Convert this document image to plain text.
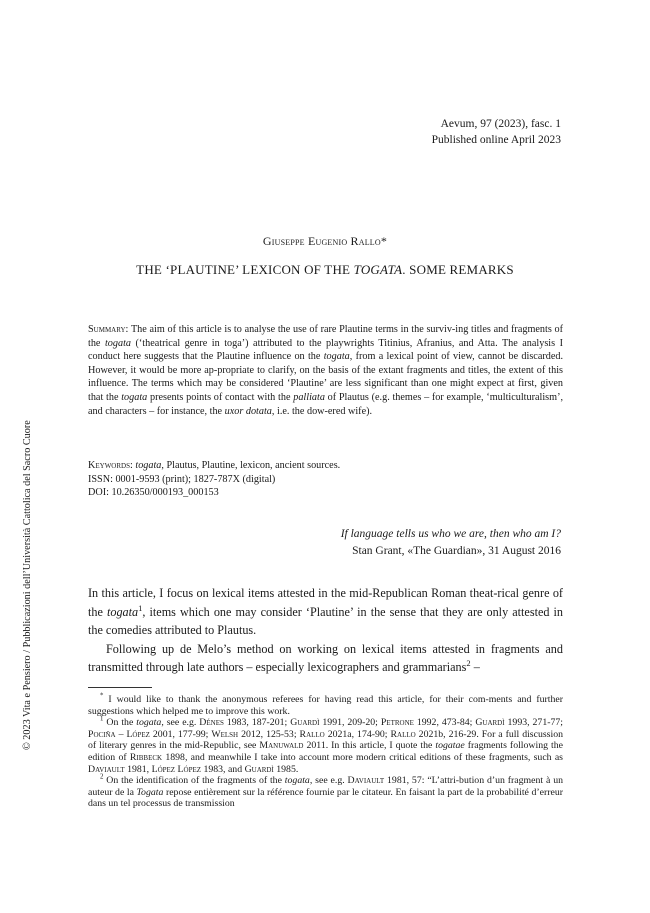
Aevum, 97 (2023), fasc. 1
Published online April 2023
Giuseppe Eugenio Rallo*
THE ‘PLAUTINE’ LEXICON OF THE TOGATA. SOME REMARKS
Summary: The aim of this article is to analyse the use of rare Plautine terms in the surviv-ing titles and fragments of the togata (‘theatrical genre in toga’) attributed to the playwrights Titinius, Afranius, and Atta. The analysis I conduct here suggests that the Plautine influence on the togata, from a lexical point of view, cannot be discarded. However, it would be more ap-propriate to clarify, on the basis of the extant fragments and titles, the extent of this influence. The terms which may be considered ‘Plautine’ are less significant than one might expect at first, given that the togata presents points of contact with the palliata of Plautus (e.g. themes – for example, ‘multiculturalism’, and characters – for instance, the uxor dotata, i.e. the dow-ered wife).
Keywords: togata, Plautus, Plautine, lexicon, ancient sources.
ISSN: 0001-9593 (print); 1827-787X (digital)
DOI: 10.26350/000193_000153
If language tells us who we are, then who am I?
Stan Grant, «The Guardian», 31 August 2016

In this article, I focus on lexical items attested in the mid-Republican Roman theat-rical genre of the togata$^1$, items which one may consider ‘Plautine’ in the sense that they are only attested in the comedies attributed to Plautus.

Following up de Melo’s method on working on lexical items attested in fragments and transmitted through late authors – especially lexicographers and grammarians$^2$ –

* I would like to thank the anonymous referees for having read this article, for their com-ments and further suggestions which helped me to improve this work.

$^1$ On the togata, see e.g. Dénes 1983, 187-201; Guardì 1991, 209-20; Petrone 1992, 473-84; Guardì 1993, 271-77; Pociña – López 2001, 177-99; Welsh 2012, 125-53; Rallo 2021a, 174-90; Rallo 2021b, 216-29. For a full discussion of literary genres in the mid-Republic, see Manuwald 2011. In this article, I quote the togatae fragments following the edition of Ribbeck 1898, and meanwhile I take into account more modern critical editions of these fragments, such as Daviault 1981, López López 1983, and Guardì 1985.

$^2$ On the identification of the fragments of the togata, see e.g. Daviault 1981, 57: “L’attri-bution d’un fragment à un auteur de la Togata repose entièrement sur la référence fournie par le citateur. En faisant la part de la probabilité d’erreur dans un tel processus de transmission

© 2023 Vita e Pensiero / Pubblicazioni dell’Università Cattolica del Sacro Cuore
